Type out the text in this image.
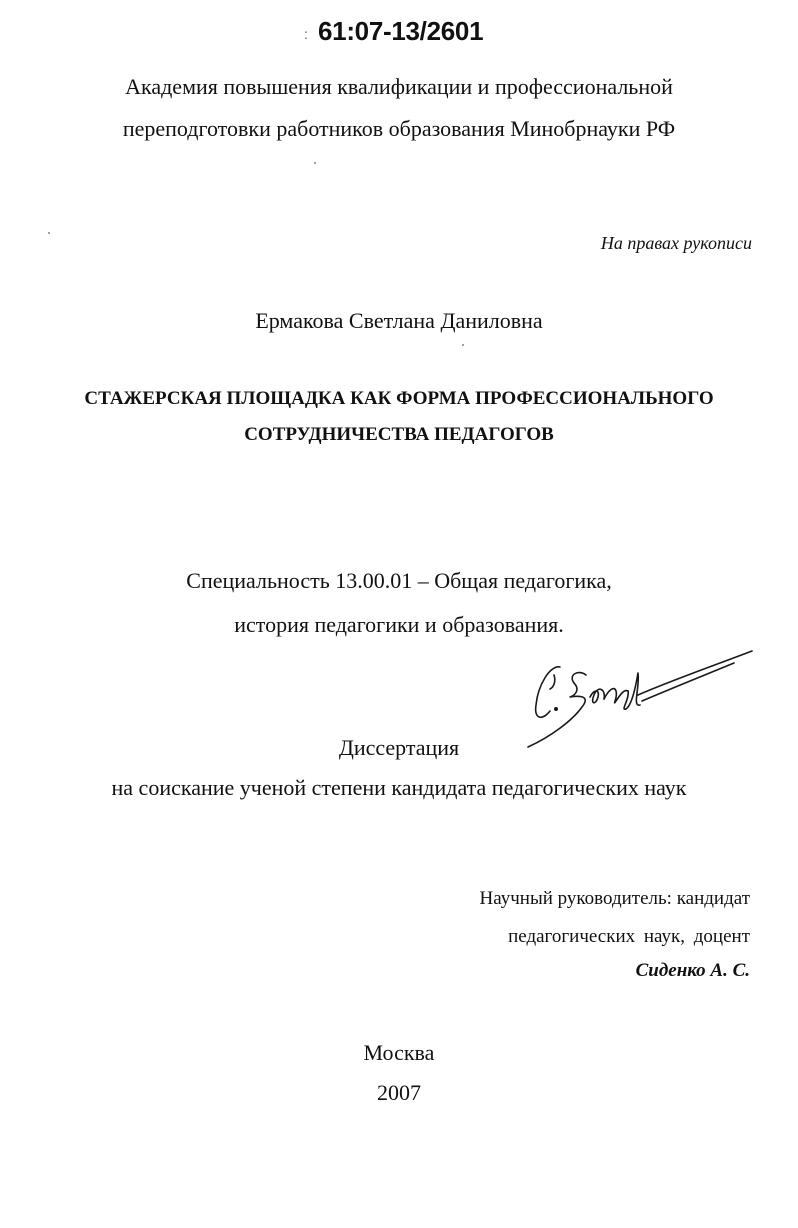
: 61:07-13/2601
Академия повышения квалификации и профессиональной
переподготовки работников образования Минобрнауки РФ
На правах рукописи
Ермакова Светлана Даниловна
СТАЖЕРСКАЯ ПЛОЩАДКА КАК ФОРМА ПРОФЕССИОНАЛЬНОГО
СОТРУДНИЧЕСТВА ПЕДАГОГОВ
Специальность 13.00.01 – Общая педагогика,
история педагогики и образования.
Диссертация
на соискание ученой степени кандидата педагогических наук
Научный руководитель: кандидат
педагогических наук, доцент
Сиденко А. С.
Москва
2007
